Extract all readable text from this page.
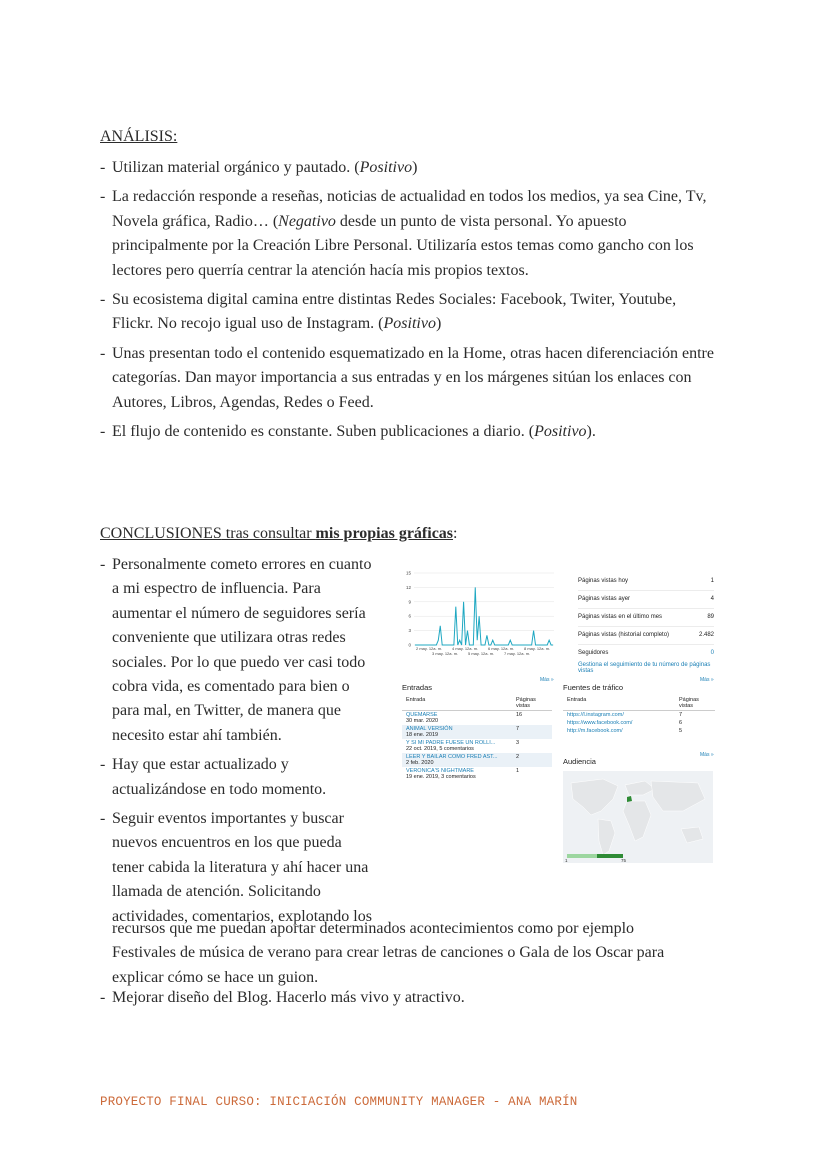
ANÁLISIS:
- Utilizan material orgánico y pautado. (Positivo)
- La redacción responde a reseñas, noticias de actualidad en todos los medios, ya sea Cine, Tv, Novela gráfica, Radio… (Negativo desde un punto de vista personal. Yo apuesto principalmente por la Creación Libre Personal. Utilizaría estos temas como gancho con los lectores pero querría centrar la atención hacía mis propios textos.
- Su ecosistema digital camina entre distintas Redes Sociales: Facebook, Twiter, Youtube, Flickr. No recojo igual uso de Instagram. (Positivo)
- Unas presentan todo el contenido esquematizado en la Home, otras hacen diferenciación entre categorías. Dan mayor importancia a sus entradas y en los márgenes sitúan los enlaces con Autores, Libros, Agendas, Redes o Feed.
- El flujo de contenido es constante. Suben publicaciones a diario. (Positivo).
CONCLUSIONES tras consultar mis propias gráficas:
- Personalmente cometo errores en cuanto a mi espectro de influencia. Para aumentar el número de seguidores sería conveniente que utilizara otras redes sociales. Por lo que puedo ver casi todo cobra vida, es comentado para bien o para mal, en Twitter, de manera que necesito estar ahí también.
- Hay que estar actualizado y actualizándose en todo momento.
- Seguir eventos importantes y buscar nuevos encuentros en los que pueda tener cabida la literatura y ahí hacer una llamada de atención. Solicitando actividades, comentarios, explotando los
recursos que me puedan aportar determinados acontecimientos como por ejemplo Festivales de música de verano para crear letras de canciones o Gala de los Oscar para explicar cómo se hace un guion.
- Mejorar diseño del Blog. Hacerlo más vivo y atractivo.
15
12
9
6
3
0
2 may. 12a. m. 4 may. 12a. m. 6 may. 12a. m. 8 may. 12a. m.
3 may. 12a. m. 5 may. 12a. m. 7 may. 12a. m.
Páginas vistas hoy	1
Páginas vistas ayer	4
Páginas vistas en el último mes	89
Páginas vistas (historial completo)	2.482
Seguidores	0
Gestiona el seguimiento de tu número de páginas vistas
Más »
Entradas
Entrada	Páginas vistas

QUEMARSE
30 mar. 2020	16

ANIMAL VERSIÓN
18 ene. 2019	7

Y SI MI PADRE FUESE UN ROLLI...
22 oct. 2019, 5 comentarios	3

LEER Y BAILAR COMO FRED AST...
2 feb. 2020	2

VERONICA'S NIGHTMARE
19 ene. 2019, 3 comentarios	1
Más »
Fuentes de tráfico
Entrada	Páginas vistas
https://l.instagram.com/	7
https://www.facebook.com/	6
http://m.facebook.com/	5
Más »
Audiencia
1	75
PROYECTO FINAL CURSO: INICIACIÓN COMMUNITY MANAGER - ANA MARÍN
